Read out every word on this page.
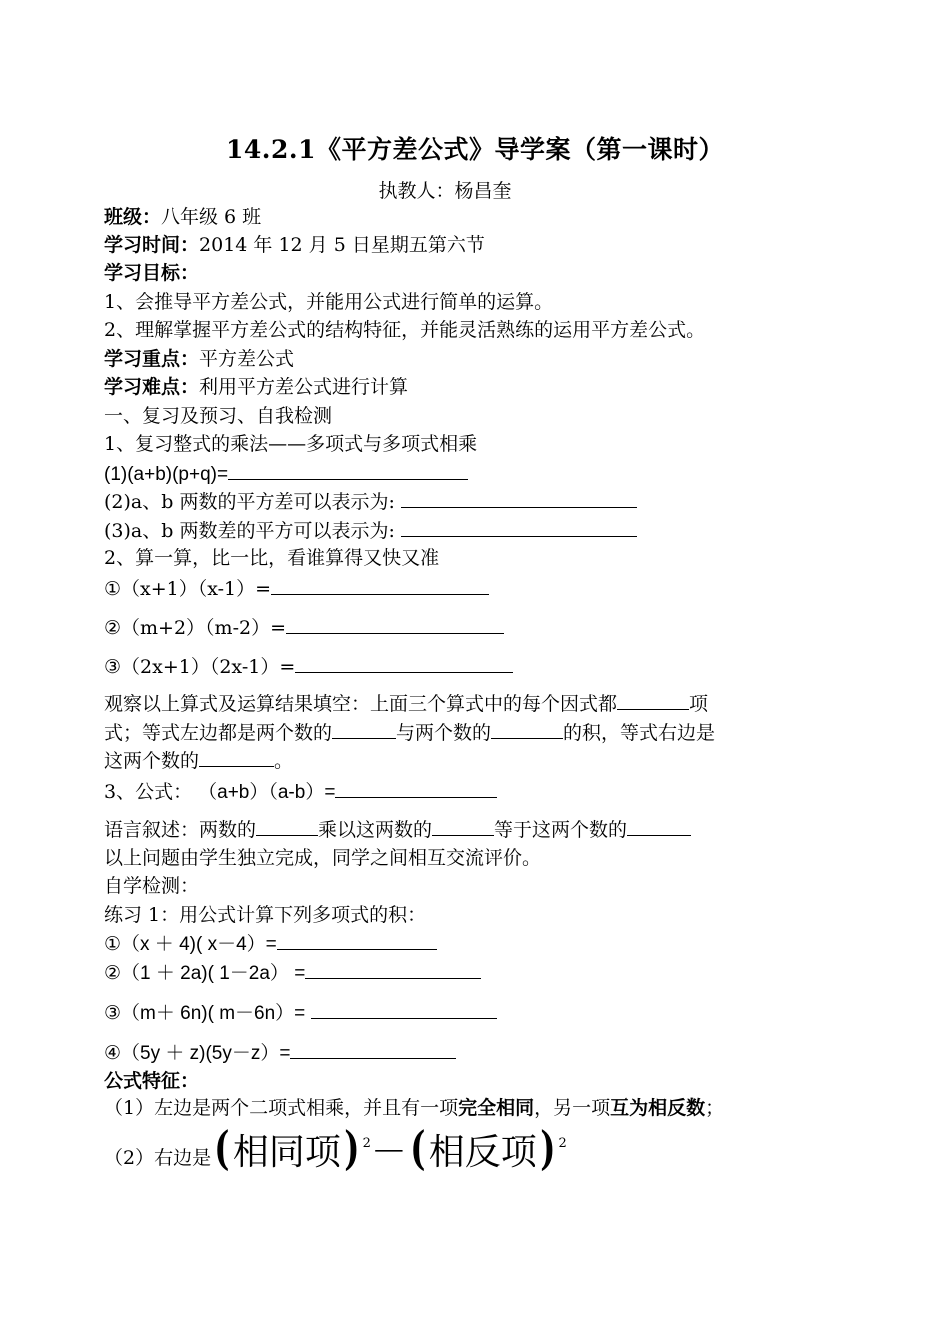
14.2.1《平方差公式》导学案（第一课时）
执教人：杨昌奎
班级：八年级 6 班
学习时间：2014 年 12 月 5 日星期五第六节
学习目标：
1、会推导平方差公式，并能用公式进行简单的运算。
2、理解掌握平方差公式的结构特征，并能灵活熟练的运用平方差公式。
学习重点：平方差公式
学习难点：利用平方差公式进行计算
一、复习及预习、自我检测
1、复习整式的乘法——多项式与多项式相乘
(1)(a+b)(p+q)=
(2)a、b 两数的平方差可以表示为:
(3)a、b 两数差的平方可以表示为:
2、算一算，比一比，看谁算得又快又准
①（x+1）（x-1）=
②（m+2）（m-2）=
③（2x+1）（2x-1）=
观察以上算式及运算结果填空：上面三个算式中的每个因式都	项
式；等式左边都是两个数的	与两个数的	的积，等式右边是
这两个数的	。
3、公式： （a+b）（a-b）=
语言叙述：两数的	乘以这两数的	等于这两个数的
以上问题由学生独立完成，同学之间相互交流评价。
自学检测：
练习 1：用公式计算下列多项式的积：
①（x ＋ 4)( x－4）=
②（1 ＋ 2a)( 1－2a） =
③（m＋ 6n)( m－6n）=
④（5y ＋ z)(5y－z）=
公式特征：
（1）左边是两个二项式相乘，并且有一项完全相同，另一项互为相反数；
（2）右边是(相同项) $^2$－(相反项) $^2$
